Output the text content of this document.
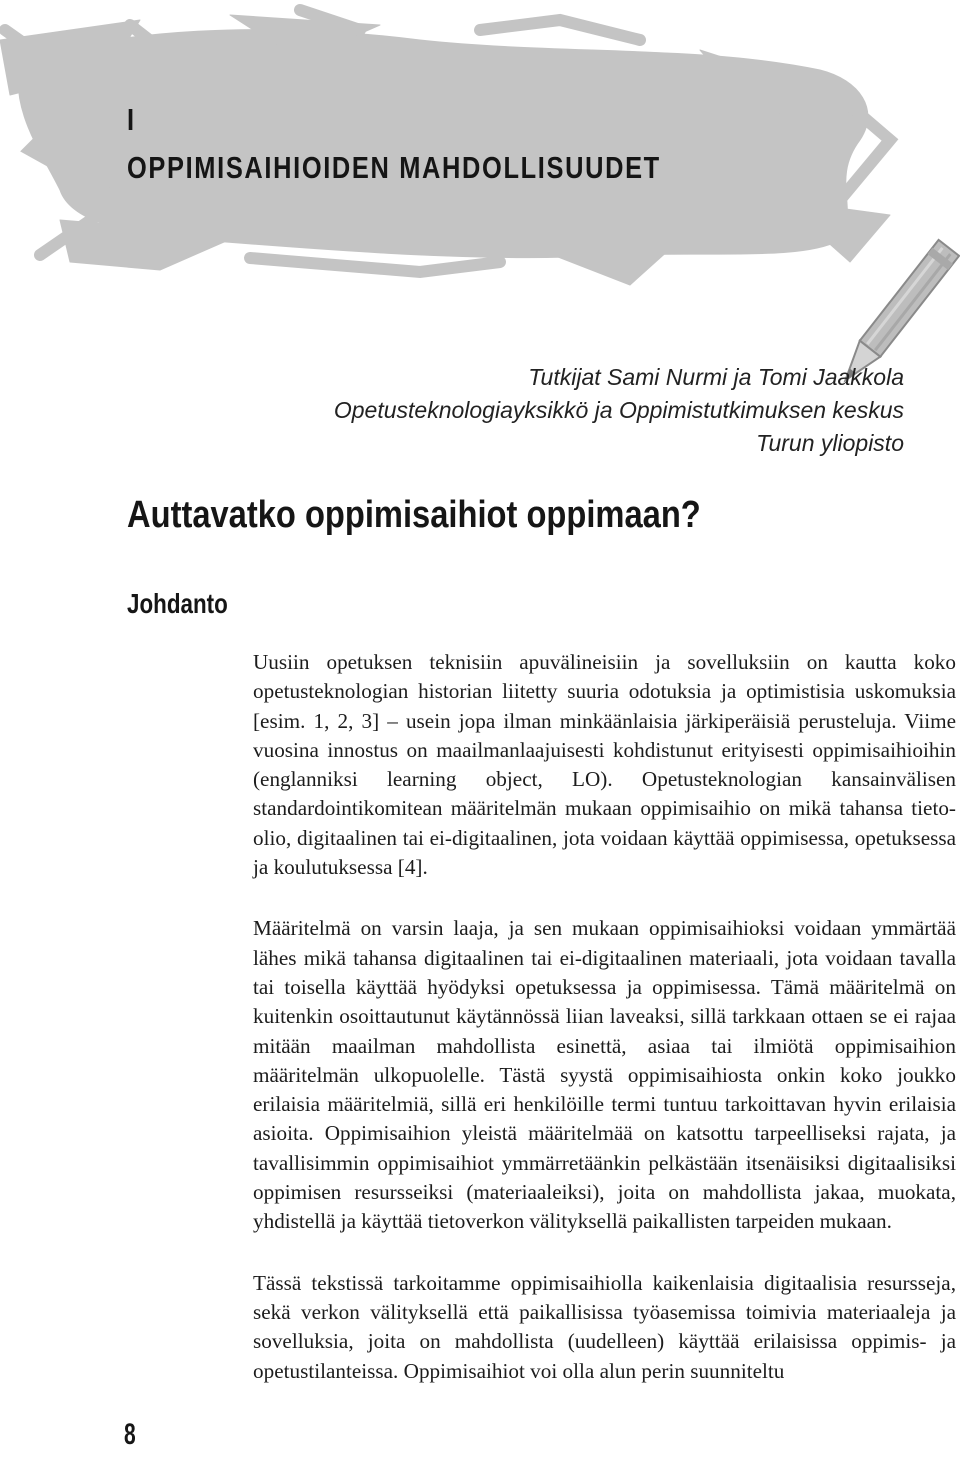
I
OPPIMISAIHIOIDEN MAHDOLLISUUDET
Tutkijat Sami Nurmi ja Tomi Jaakkola
Opetusteknologiayksikkö ja Oppimistutkimuksen keskus
Turun yliopisto
Auttavatko oppimisaihiot oppimaan?
Johdanto

Uusiin opetuksen teknisiin apuvälineisiin ja sovelluksiin on kautta koko opetusteknologian historian liitetty suuria odotuksia ja optimistisia uskomuksia [esim. 1, 2, 3] – usein jopa ilman minkäänlaisia järkiperäisiä perusteluja. Viime vuosina innostus on maailmanlaajuisesti kohdistunut erityisesti oppimisaihioihin (englanniksi learning object, LO). Opetusteknologian kansainvälisen standardointikomitean määritelmän mukaan oppimisaihio on mikä tahansa tieto-olio, digitaalinen tai ei-digitaalinen, jota voidaan käyttää oppimisessa, opetuksessa ja koulutuksessa [4].

Määritelmä on varsin laaja, ja sen mukaan oppimisaihioksi voidaan ymmärtää lähes mikä tahansa digitaalinen tai ei-digitaalinen materiaali, jota voidaan tavalla tai toisella käyttää hyödyksi opetuksessa ja oppimisessa. Tämä määritelmä on kuitenkin osoittautunut käytännössä liian laveaksi, sillä tarkkaan ottaen se ei rajaa mitään maailman mahdollista esinettä, asiaa tai ilmiötä oppimisaihion määritelmän ulkopuolelle. Tästä syystä oppimisaihiosta onkin koko joukko erilaisia määritelmiä, sillä eri henkilöille termi tuntuu tarkoittavan hyvin erilaisia asioita. Oppimisaihion yleistä määritelmää on katsottu tarpeelliseksi rajata, ja tavallisimmin oppimisaihiot ymmärretäänkin pelkästään itsenäisiksi digitaalisiksi oppimisen resursseiksi (materiaaleiksi), joita on mahdollista jakaa, muokata, yhdistellä ja käyttää tietoverkon välityksellä paikallisten tarpeiden mukaan.

Tässä tekstissä tarkoitamme oppimisaihiolla kaikenlaisia digitaalisia resursseja, sekä verkon välityksellä että paikallisissa työasemissa toimivia materiaaleja ja sovelluksia, joita on mahdollista (uudelleen) käyttää erilaisissa oppimis- ja opetustilanteissa. Oppimisaihiot voi olla alun perin suunniteltu

8
